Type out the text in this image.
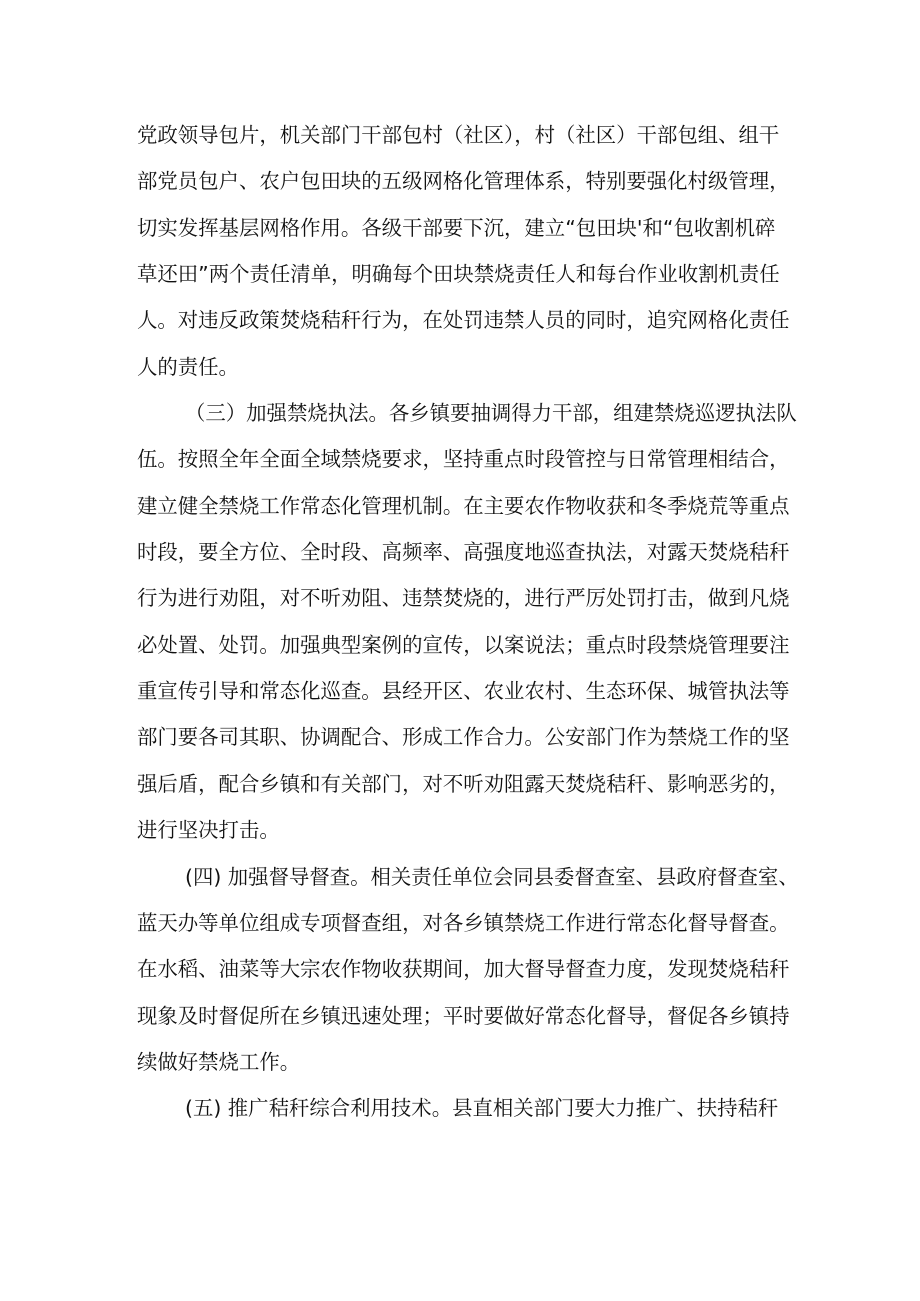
党政领导包片，机关部门干部包村（社区），村（社区）干部包组、组干
部党员包户、农户包田块的五级网格化管理体系，特别要强化村级管理，
切实发挥基层网格作用。各级干部要下沉，建立“包田块'和“包收割机碎
草还田”两个责任清单，明确每个田块禁烧责任人和每台作业收割机责任
人。对违反政策焚烧秸秆行为，在处罚违禁人员的同时，追究网格化责任
人的责任。
（三）加强禁烧执法。各乡镇要抽调得力干部，组建禁烧巡逻执法队
伍。按照全年全面全域禁烧要求，坚持重点时段管控与日常管理相结合，
建立健全禁烧工作常态化管理机制。在主要农作物收获和冬季烧荒等重点
时段，要全方位、全时段、高频率、高强度地巡查执法，对露天焚烧秸秆
行为进行劝阻，对不听劝阻、违禁焚烧的，进行严厉处罚打击，做到凡烧
必处置、处罚。加强典型案例的宣传，以案说法；重点时段禁烧管理要注
重宣传引导和常态化巡查。县经开区、农业农村、生态环保、城管执法等
部门要各司其职、协调配合、形成工作合力。公安部门作为禁烧工作的坚
强后盾，配合乡镇和有关部门，对不听劝阻露天焚烧秸秆、影响恶劣的，
进行坚决打击。
(四) 加强督导督查。相关责任单位会同县委督查室、县政府督查室、
蓝天办等单位组成专项督查组，对各乡镇禁烧工作进行常态化督导督查。
在水稻、油菜等大宗农作物收获期间，加大督导督查力度，发现焚烧秸秆
现象及时督促所在乡镇迅速处理；平时要做好常态化督导，督促各乡镇持
续做好禁烧工作。
(五) 推广秸秆综合利用技术。县直相关部门要大力推广、扶持秸秆
